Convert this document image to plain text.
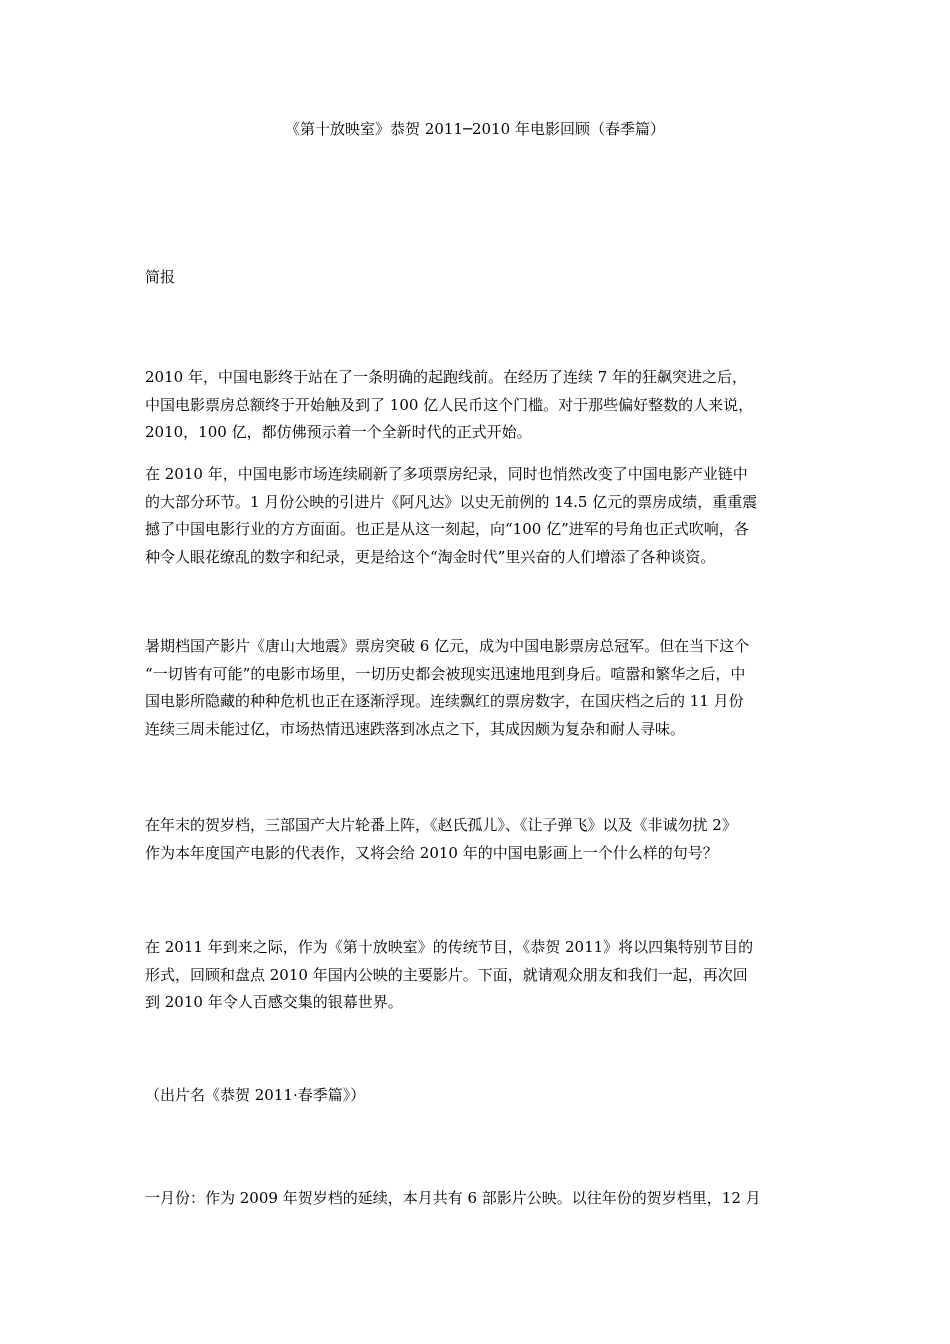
《第十放映室》恭贺 2011─2010 年电影回顾（春季篇）
简报
2010 年，中国电影终于站在了一条明确的起跑线前。在经历了连续 7 年的狂飙突进之后，
中国电影票房总额终于开始触及到了 100 亿人民币这个门槛。对于那些偏好整数的人来说，
2010，100 亿，都仿佛预示着一个全新时代的正式开始。
在 2010 年，中国电影市场连续刷新了多项票房纪录，同时也悄然改变了中国电影产业链中
的大部分环节。1 月份公映的引进片《阿凡达》以史无前例的 14.5 亿元的票房成绩，重重震
撼了中国电影行业的方方面面。也正是从这一刻起，向“100 亿”进军的号角也正式吹响，各
种令人眼花缭乱的数字和纪录，更是给这个“淘金时代”里兴奋的人们增添了各种谈资。
暑期档国产影片《唐山大地震》票房突破 6 亿元，成为中国电影票房总冠军。但在当下这个
“一切皆有可能”的电影市场里，一切历史都会被现实迅速地甩到身后。喧嚣和繁华之后，中
国电影所隐藏的种种危机也正在逐渐浮现。连续飘红的票房数字，在国庆档之后的 11 月份
连续三周未能过亿，市场热情迅速跌落到冰点之下，其成因颇为复杂和耐人寻味。
在年末的贺岁档，三部国产大片轮番上阵，《赵氏孤儿》、《让子弹飞》以及《非诚勿扰 2》
作为本年度国产电影的代表作，又将会给 2010 年的中国电影画上一个什么样的句号？
在 2011 年到来之际，作为《第十放映室》的传统节目，《恭贺 2011》将以四集特别节目的
形式，回顾和盘点 2010 年国内公映的主要影片。下面，就请观众朋友和我们一起，再次回
到 2010 年令人百感交集的银幕世界。
（出片名《恭贺 2011·春季篇》）
一月份：作为 2009 年贺岁档的延续，本月共有 6 部影片公映。以往年份的贺岁档里，12 月
